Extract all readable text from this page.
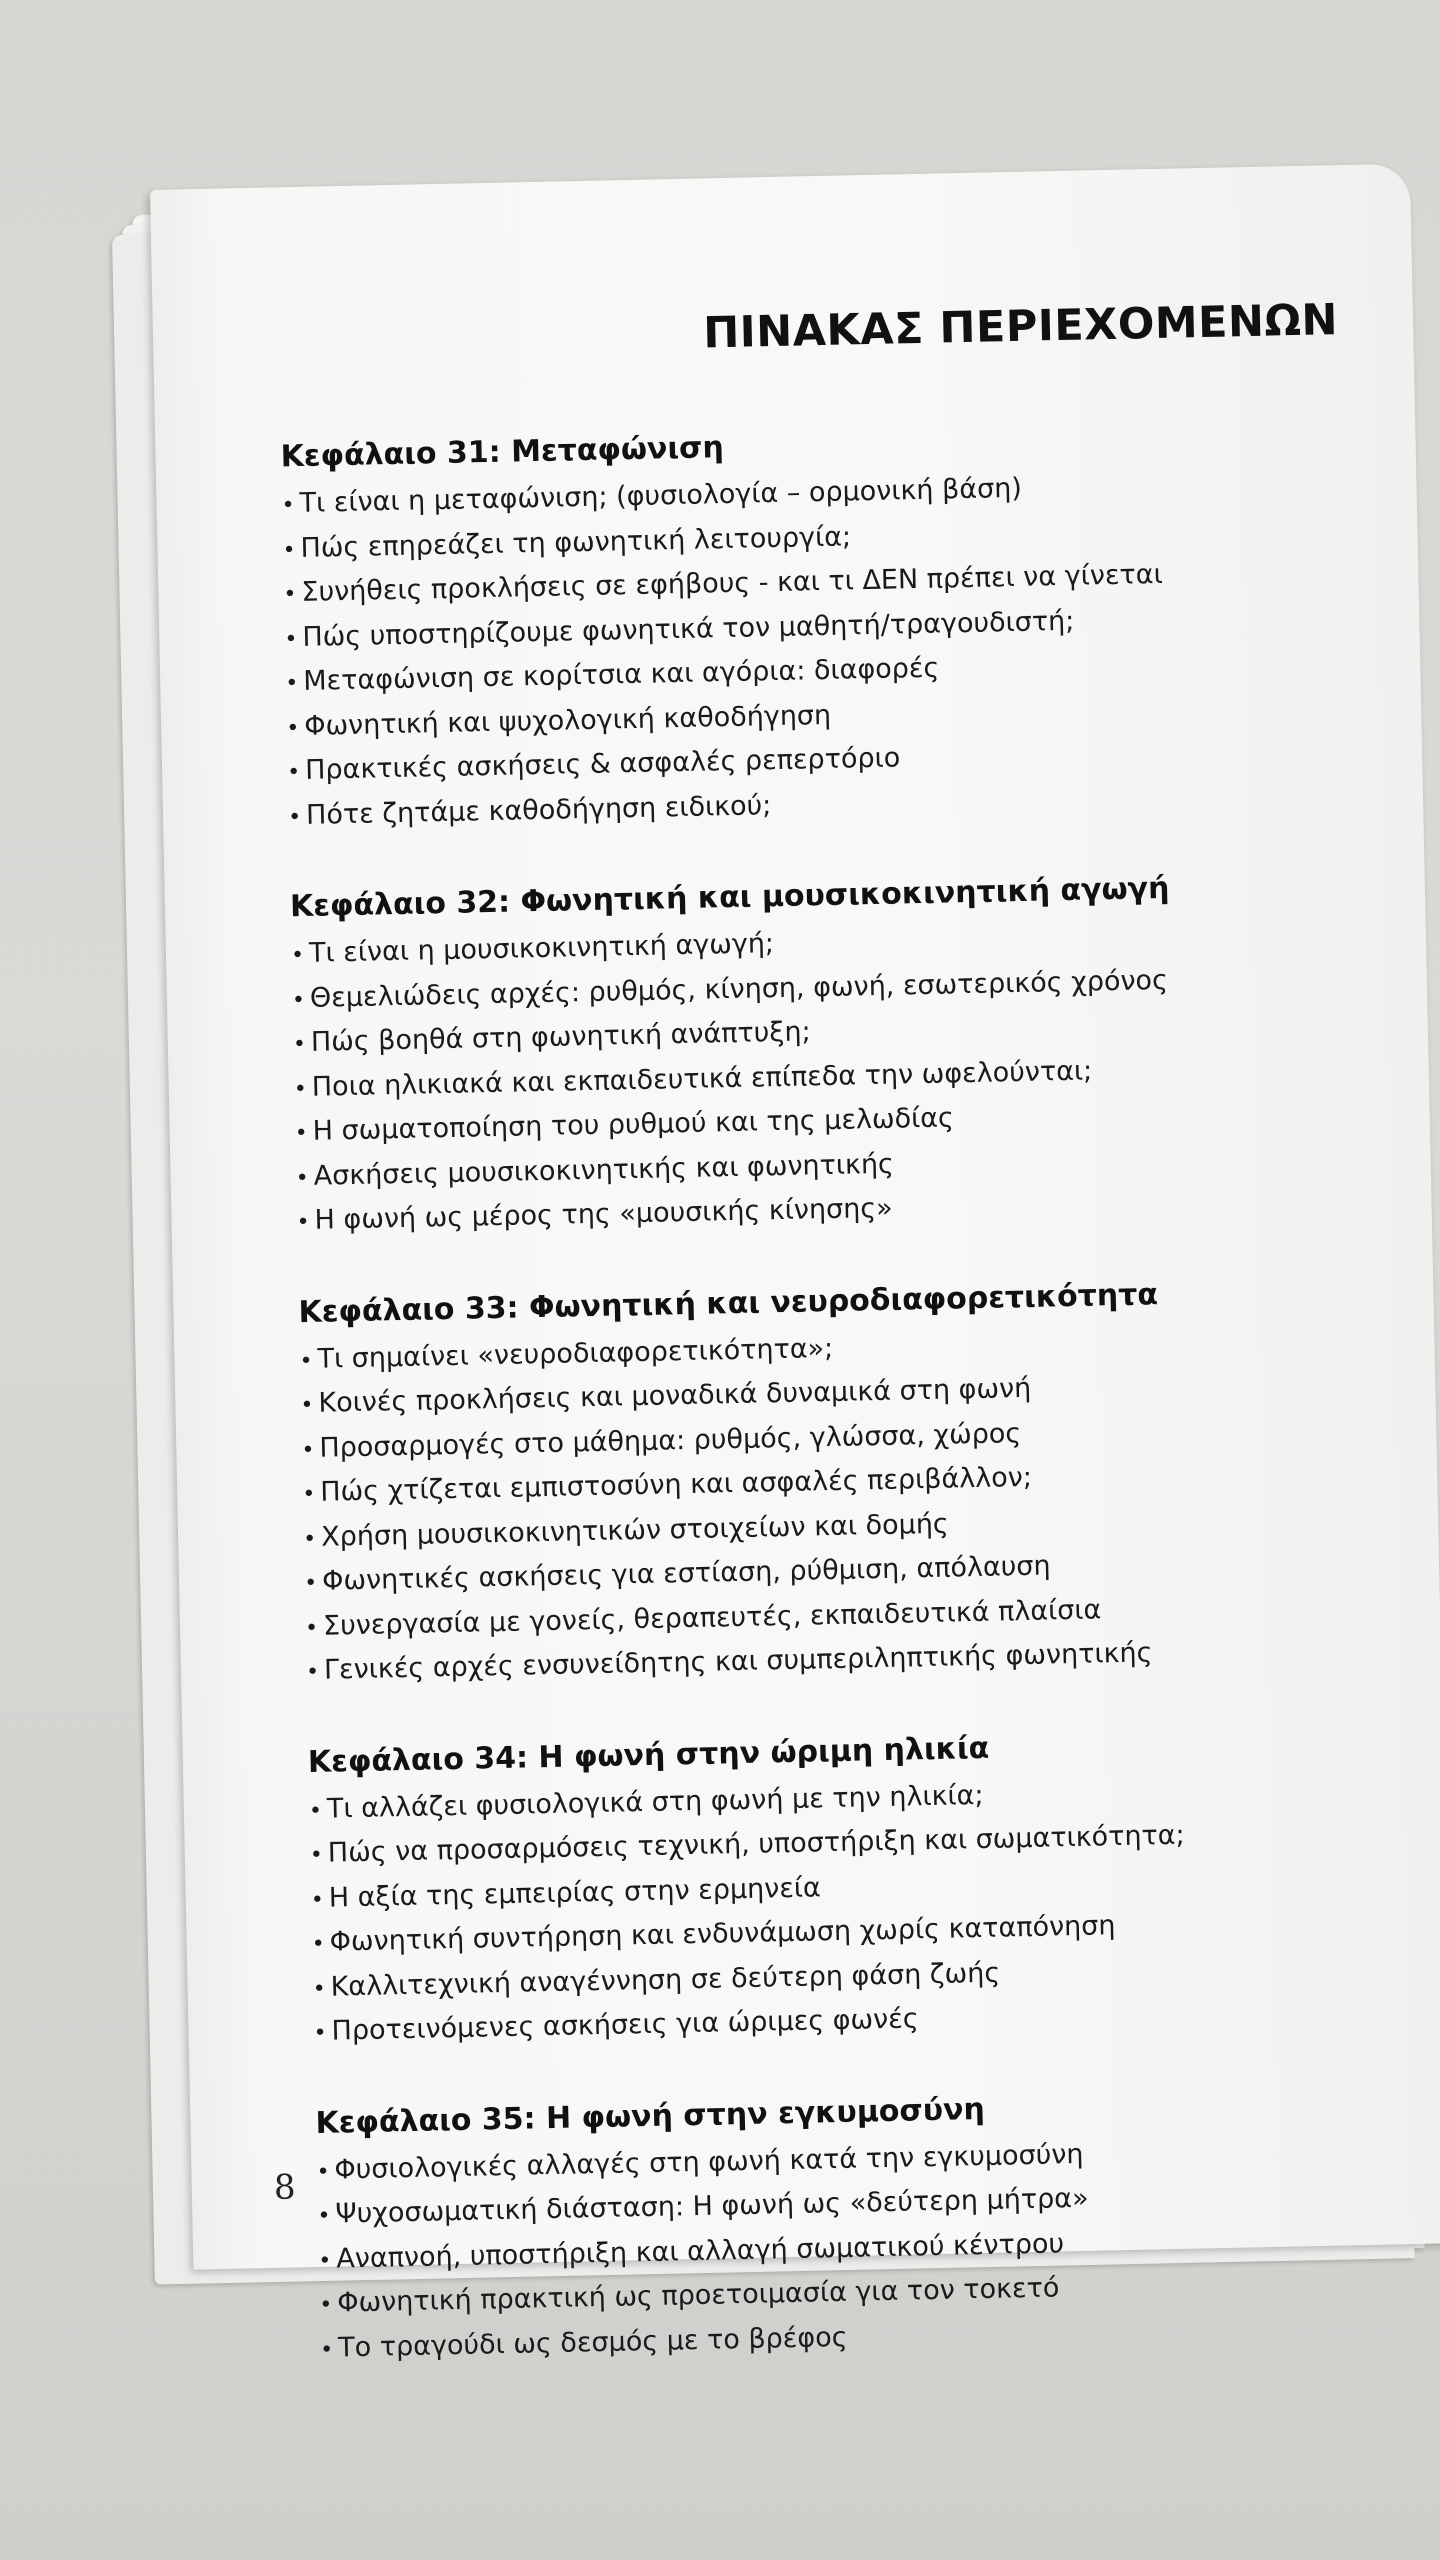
ΠΙΝΑΚΑΣ ΠΕΡΙΕΧΟΜΕΝΩΝ
Κεφάλαιο 31: Μεταφώνιση
• Τι είναι η μεταφώνιση; (φυσιολογία – ορμονική βάση)
• Πώς επηρεάζει τη φωνητική λειτουργία;
• Συνήθεις προκλήσεις σε εφήβους - και τι ΔΕΝ πρέπει να γίνεται
• Πώς υποστηρίζουμε φωνητικά τον μαθητή/τραγουδιστή;
• Μεταφώνιση σε κορίτσια και αγόρια: διαφορές
• Φωνητική και ψυχολογική καθοδήγηση
• Πρακτικές ασκήσεις & ασφαλές ρεπερτόριο
• Πότε ζητάμε καθοδήγηση ειδικού;
Κεφάλαιο 32: Φωνητική και μουσικοκινητική αγωγή
• Τι είναι η μουσικοκινητική αγωγή;
• Θεμελιώδεις αρχές: ρυθμός, κίνηση, φωνή, εσωτερικός χρόνος
• Πώς βοηθά στη φωνητική ανάπτυξη;
• Ποια ηλικιακά και εκπαιδευτικά επίπεδα την ωφελούνται;
• Η σωματοποίηση του ρυθμού και της μελωδίας
• Ασκήσεις μουσικοκινητικής και φωνητικής
• Η φωνή ως μέρος της «μουσικής κίνησης»
Κεφάλαιο 33: Φωνητική και νευροδιαφορετικότητα
• Τι σημαίνει «νευροδιαφορετικότητα»;
• Κοινές προκλήσεις και μοναδικά δυναμικά στη φωνή
• Προσαρμογές στο μάθημα: ρυθμός, γλώσσα, χώρος
• Πώς χτίζεται εμπιστοσύνη και ασφαλές περιβάλλον;
• Χρήση μουσικοκινητικών στοιχείων και δομής
• Φωνητικές ασκήσεις για εστίαση, ρύθμιση, απόλαυση
• Συνεργασία με γονείς, θεραπευτές, εκπαιδευτικά πλαίσια
• Γενικές αρχές ενσυνείδητης και συμπεριληπτικής φωνητικής
Κεφάλαιο 34: Η φωνή στην ώριμη ηλικία
• Τι αλλάζει φυσιολογικά στη φωνή με την ηλικία;
• Πώς να προσαρμόσεις τεχνική, υποστήριξη και σωματικότητα;
• Η αξία της εμπειρίας στην ερμηνεία
• Φωνητική συντήρηση και ενδυνάμωση χωρίς καταπόνηση
• Καλλιτεχνική αναγέννηση σε δεύτερη φάση ζωής
• Προτεινόμενες ασκήσεις για ώριμες φωνές
Κεφάλαιο 35: Η φωνή στην εγκυμοσύνη
• Φυσιολογικές αλλαγές στη φωνή κατά την εγκυμοσύνη
• Ψυχοσωματική διάσταση: Η φωνή ως «δεύτερη μήτρα»
• Αναπνοή, υποστήριξη και αλλαγή σωματικού κέντρου
• Φωνητική πρακτική ως προετοιμασία για τον τοκετό
• Το τραγούδι ως δεσμός με το βρέφος
8
